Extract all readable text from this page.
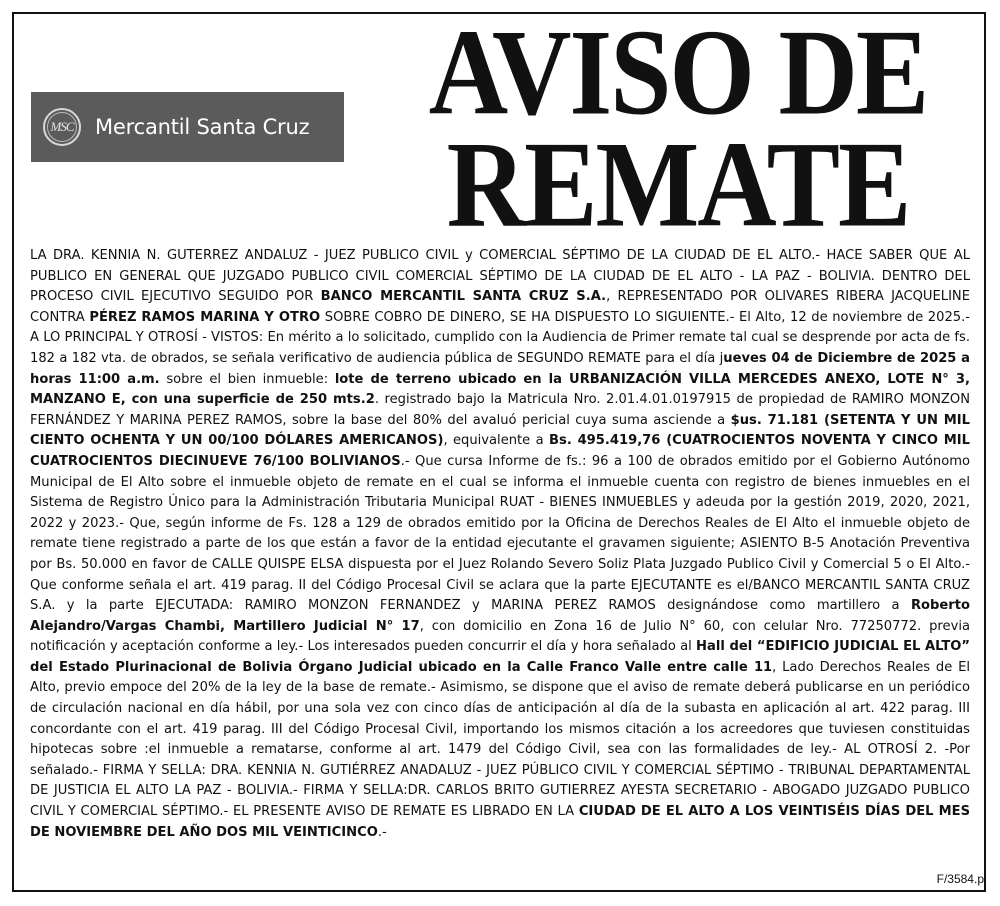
MSC Mercantil Santa Cruz	AVISO DE
REMATE
LA DRA. KENNIA N. GUTERREZ ANDALUZ - JUEZ PUBLICO CIVIL y COMERCIAL SÉPTIMO DE LA CIUDAD DE EL ALTO.- HACE SABER QUE AL PUBLICO EN GENERAL QUE JUZGADO PUBLICO CIVIL COMERCIAL SÉPTIMO DE LA CIUDAD DE EL ALTO - LA PAZ - BOLIVIA. DENTRO DEL PROCESO CIVIL EJECUTIVO SEGUIDO POR BANCO MERCANTIL SANTA CRUZ S.A., REPRESENTADO POR OLIVARES RIBERA JACQUELINE CONTRA PÉREZ RAMOS MARINA Y OTRO SOBRE COBRO DE DINERO, SE HA DISPUESTO LO SIGUIENTE.- El Alto, 12 de noviembre de 2025.- A LO PRINCIPAL Y OTROSÍ - VISTOS: En mérito a lo solicitado, cumplido con la Audiencia de Primer remate tal cual se desprende por acta de fs. 182 a 182 vta. de obrados, se señala verificativo de audiencia pública de SEGUNDO REMATE para el día jueves 04 de Diciembre de 2025 a horas 11:00 a.m. sobre el bien inmueble: lote de terreno ubicado en la URBANIZACIÓN VILLA MERCEDES ANEXO, LOTE N° 3, MANZANO E, con una superficie de 250 mts.2. registrado bajo la Matricula Nro. 2.01.4.01.0197915 de propiedad de RAMIRO MONZON FERNÁNDEZ Y MARINA PEREZ RAMOS, sobre la base del 80% del avaluó pericial cuya suma asciende a $us. 71.181 (SETENTA Y UN MIL CIENTO OCHENTA Y UN 00/100 DÓLARES AMERICANOS), equivalente a Bs. 495.419,76 (CUATROCIENTOS NOVENTA Y CINCO MIL CUATROCIENTOS DIECINUEVE 76/100 BOLIVIANOS.- Que cursa Informe de fs.: 96 a 100 de obrados emitido por el Gobierno Autónomo Municipal de El Alto sobre el inmueble objeto de remate en el cual se informa el inmueble cuenta con registro de bienes inmuebles en el Sistema de Registro Único para la Administración Tributaria Municipal RUAT - BIENES INMUEBLES y adeuda por la gestión 2019, 2020, 2021, 2022 y 2023.- Que, según informe de Fs. 128 a 129 de obrados emitido por la Oficina de Derechos Reales de El Alto el inmueble objeto de remate tiene registrado a parte de los que están a favor de la entidad ejecutante el gravamen siguiente; ASIENTO B-5 Anotación Preventiva por Bs. 50.000 en favor de CALLE QUISPE ELSA dispuesta por el Juez Rolando Severo Soliz Plata Juzgado Publico Civil y Comercial 5 o El Alto.- Que conforme señala el art. 419 parag. II del Código Procesal Civil se aclara que la parte EJECUTANTE es el/BANCO MERCANTIL SANTA CRUZ S.A. y la parte EJECUTADA: RAMIRO MONZON FERNANDEZ y MARINA PEREZ RAMOS designándose como martillero a Roberto Alejandro/Vargas Chambi, Martillero Judicial N° 17, con domicilio en Zona 16 de Julio N° 60, con celular Nro. 77250772. previa notificación y aceptación conforme a ley.- Los interesados pueden concurrir el día y hora señalado al Hall del “EDIFICIO JUDICIAL EL ALTO” del Estado Plurinacional de Bolivia Órgano Judicial ubicado en la Calle Franco Valle entre calle 11, Lado Derechos Reales de El Alto, previo empoce del 20% de la ley de la base de remate.- Asimismo, se dispone que el aviso de remate deberá publicarse en un periódico de circulación nacional en día hábil, por una sola vez con cinco días de anticipación al día de la subasta en aplicación al art. 422 parag. III concordante con el art. 419 parag. III del Código Procesal Civil, importando los mismos citación a los acreedores que tuviesen constituidas hipotecas sobre :el inmueble a rematarse, conforme al art. 1479 del Código Civil, sea con las formalidades de ley.- AL OTROSÍ 2. -Por señalado.- FIRMA Y SELLA: DRA. KENNIA N. GUTIÉRREZ ANADALUZ - JUEZ PÚBLICO CIVIL Y COMERCIAL SÉPTIMO - TRIBUNAL DEPARTAMENTAL DE JUSTICIA EL ALTO LA PAZ - BOLIVIA.- FIRMA Y SELLA:DR. CARLOS BRITO GUTIERREZ AYESTA SECRETARIO - ABOGADO JUZGADO PUBLICO CIVIL Y COMERCIAL SÉPTIMO.- EL PRESENTE AVISO DE REMATE ES LIBRADO EN LA CIUDAD DE EL ALTO A LOS VEINTISÉIS DÍAS DEL MES DE NOVIEMBRE DEL AÑO DOS MIL VEINTICINCO.-
F/3584.p
